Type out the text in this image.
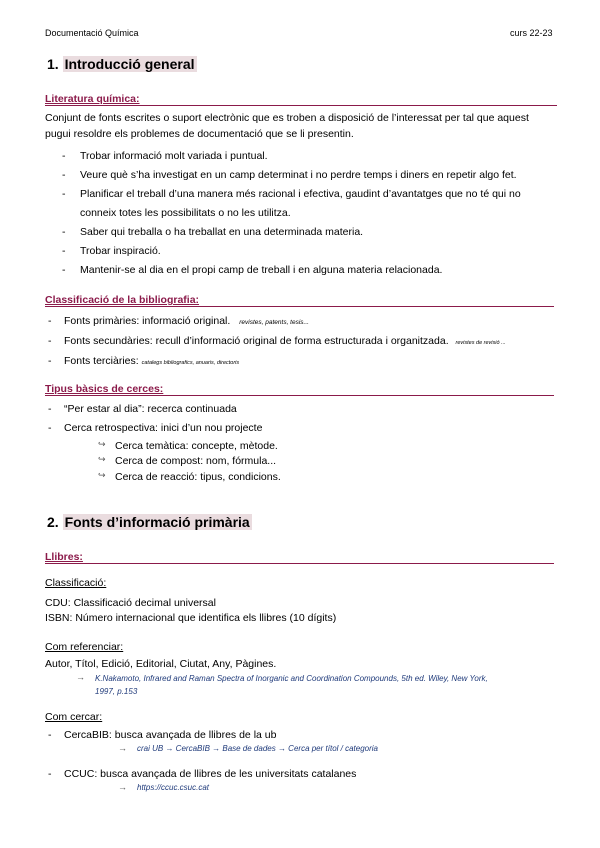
Documentació Química	curs 22-23
1. Introducció general
Literatura química:
Conjunt de fonts escrites o suport electrònic que es troben a disposició de l’interessat per tal que aquest
pugui resoldre els problemes de documentació que se li presentin.
- Trobar informació molt variada i puntual.
- Veure què s’ha investigat en un camp determinat i no perdre temps i diners en repetir algo fet.
- Planificar el treball d’una manera més racional i efectiva, gaudint d’avantatges que no té qui no
conneix totes les possibilitats o no les utilitza.
- Saber qui treballa o ha treballat en una determinada materia.
- Trobar inspiració.
- Mantenir-se al dia en el propi camp de treball i en alguna materia relacionada.
Classificació de la bibliografia:
- Fonts primàries: informació original. revistes, patents, tesis...
- Fonts secundàries: recull d’informació original de forma estructurada i organitzada. revistes de revisió ...
- Fonts terciàries: catalegs bibliografics, anuaris, directoris
Tipus bàsics de cerces:
- “Per estar al dia”: recerca continuada
- Cerca retrospectiva: inici d’un nou projecte
↪ Cerca temàtica: concepte, mètode.
↪ Cerca de compost: nom, fórmula...
↪ Cerca de reacció: tipus, condicions.
2. Fonts d’informació primària
Llibres:
Classificació:
CDU: Classificació decimal universal
ISBN: Número internacional que identifica els llibres (10 dígits)
Com referenciar:
Autor, Títol, Edició, Editorial, Ciutat, Any, Pàgines.
→ K.Nakamoto, Infrared and Raman Spectra of Inorganic and Coordination Compounds, 5th ed. Wiley, New York,
1997, p.153
Com cercar:
- CercaBIB: busca avançada de llibres de la ub
→ crai UB → CercaBIB → Base de dades → Cerca per títol / categoria
- CCUC: busca avançada de llibres de les universitats catalanes
→ https://ccuc.csuc.cat
